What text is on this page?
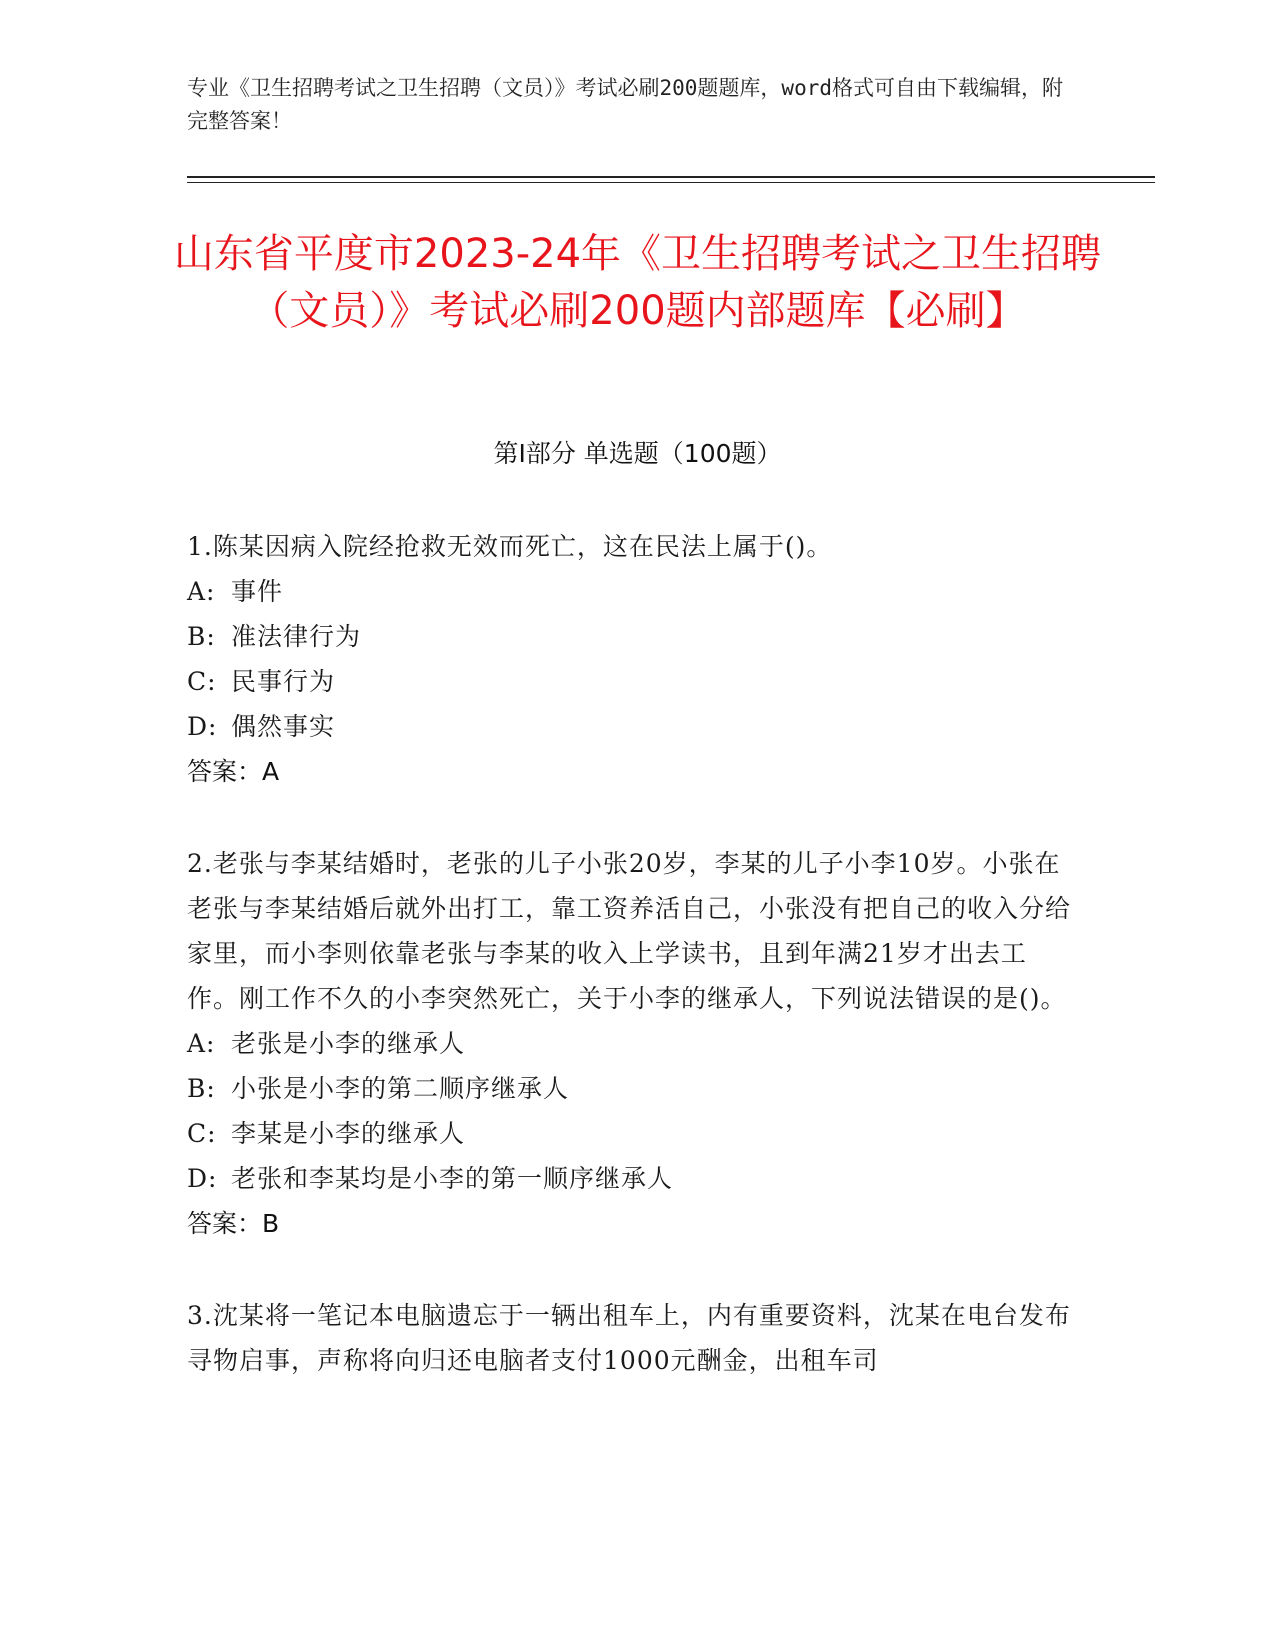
专业《卫生招聘考试之卫生招聘（文员）》考试必刷200题题库，word格式可自由下载编辑，附完整答案！
山东省平度市2023-24年《卫生招聘考试之卫生招聘（文员）》考试必刷200题内部题库【必刷】
第I部分 单选题（100题）
1.陈某因病入院经抢救无效而死亡，这在民法上属于()。
A: 事件
B: 准法律行为
C: 民事行为
D: 偶然事实
答案：A
2.老张与李某结婚时，老张的儿子小张20岁，李某的儿子小李10岁。小张在老张与李某结婚后就外出打工，靠工资养活自己，小张没有把自己的收入分给家里，而小李则依靠老张与李某的收入上学读书，且到年满21岁才出去工作。刚工作不久的小李突然死亡，关于小李的继承人，下列说法错误的是()。
A: 老张是小李的继承人
B: 小张是小李的第二顺序继承人
C: 李某是小李的继承人
D: 老张和李某均是小李的第一顺序继承人
答案：B
3.沈某将一笔记本电脑遗忘于一辆出租车上，内有重要资料，沈某在电台发布寻物启事，声称将向归还电脑者支付1000元酬金，出租车司
